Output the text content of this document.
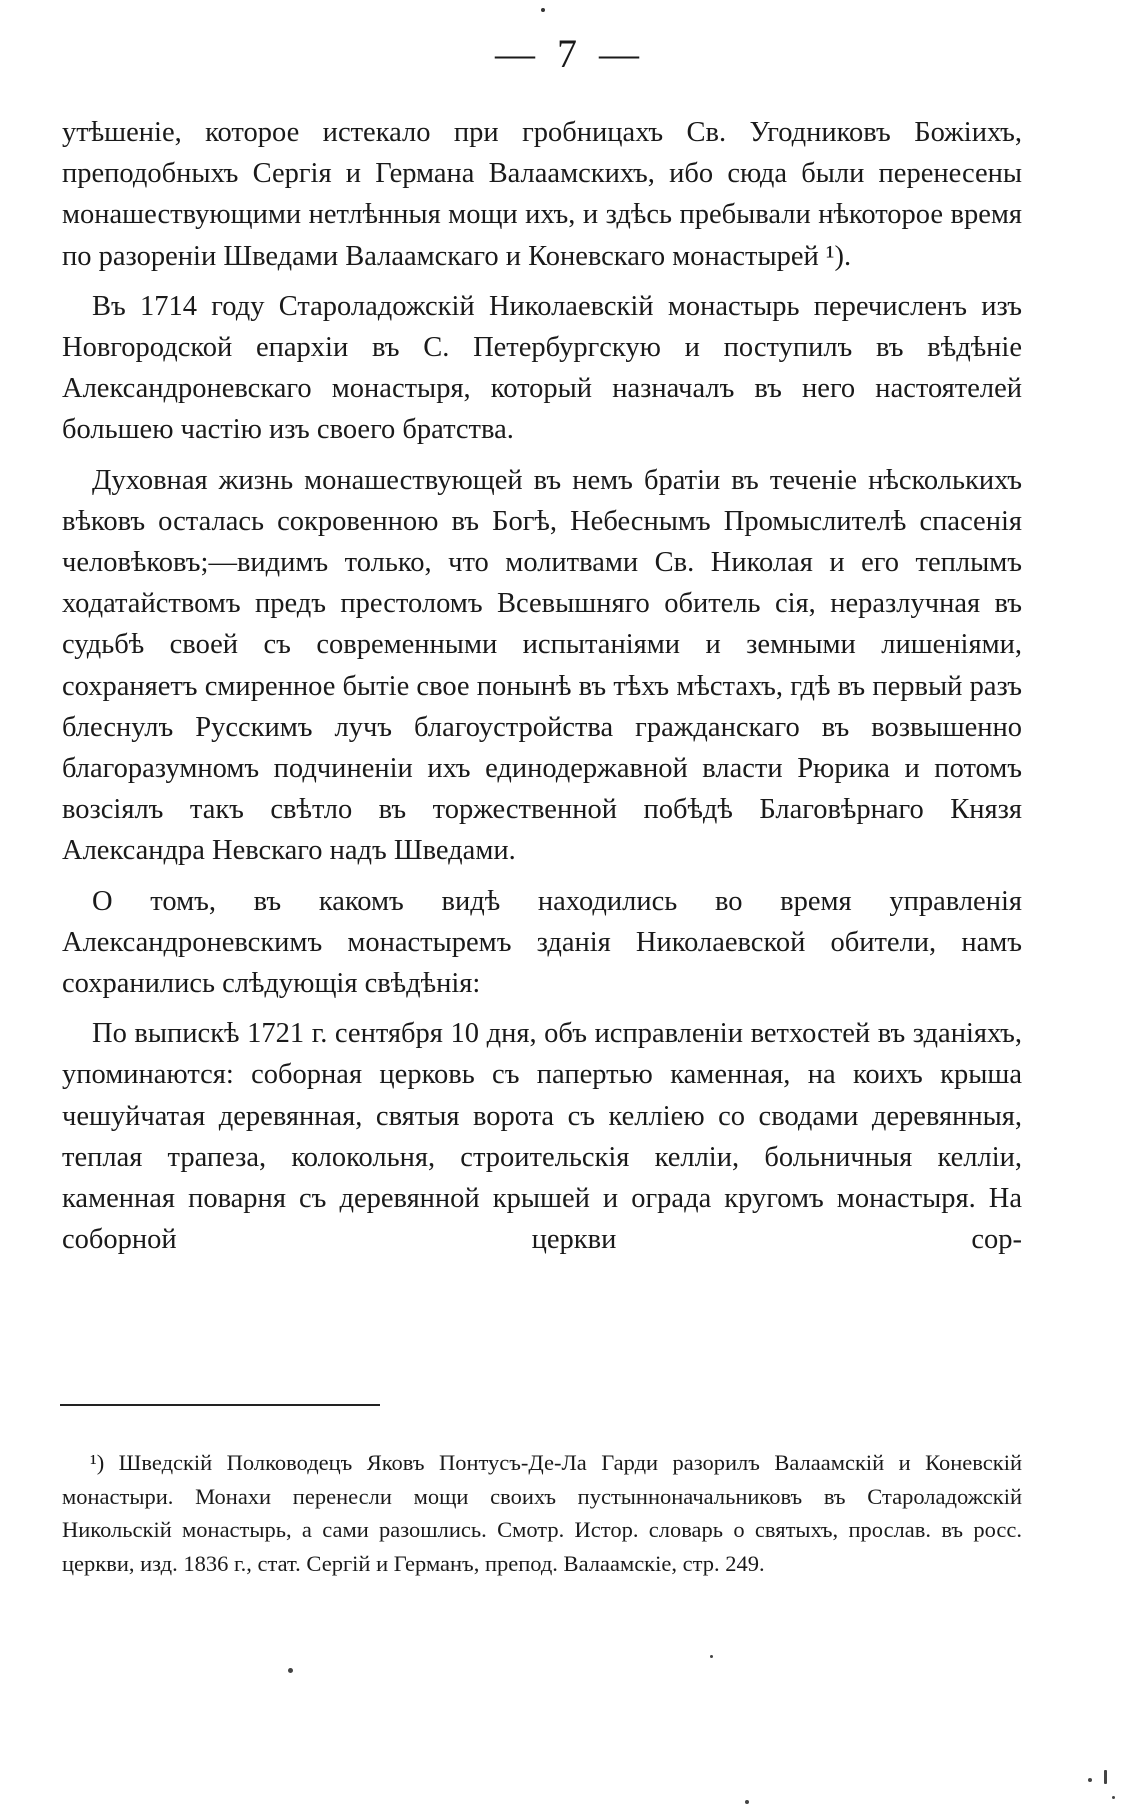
— 7 —

утѣшеніе, которое истекало при гробницахъ Св. Угодниковъ Божіихъ, преподобныхъ Сергія и Германа Валаамскихъ, ибо сюда были перенесены монашествующими нетлѣнныя мощи ихъ, и здѣсь пребывали нѣкоторое время по разореніи Шведами Валаамскаго и Коневскаго монастырей ¹).

Въ 1714 году Староладожскій Николаевскій монастырь перечисленъ изъ Новгородской епархіи въ С. Петербургскую и поступилъ въ вѣдѣніе Александроневскаго монастыря, который назначалъ въ него настоятелей большею частію изъ своего братства.

Духовная жизнь монашествующей въ немъ братіи въ теченіе нѣсколькихъ вѣковъ осталась сокровенною въ Богѣ, Небеснымъ Промыслителѣ спасенія человѣковъ;—видимъ только, что молитвами Св. Николая и его теплымъ ходатайствомъ предъ престоломъ Всевышняго обитель сія, неразлучная въ судьбѣ своей съ современными испытаніями и земными лишеніями, сохраняетъ смиренное бытіе свое понынѣ въ тѣхъ мѣстахъ, гдѣ въ первый разъ блеснулъ Русскимъ лучъ благоустройства гражданскаго въ возвышенно благоразумномъ подчиненіи ихъ единодержавной власти Рюрика и потомъ возсіялъ такъ свѣтло въ торжественной побѣдѣ Благовѣрнаго Князя Александра Невскаго надъ Шведами.

О томъ, въ какомъ видѣ находились во время управленія Александроневскимъ монастыремъ зданія Николаевской обители, намъ сохранились слѣдующія свѣдѣнія:

По выпискѣ 1721 г. сентября 10 дня, объ исправленіи ветхостей въ зданіяхъ, упоминаются: соборная церковь съ папертью каменная, на коихъ крыша чешуйчатая деревянная, святыя ворота съ келліею со сводами деревянныя, теплая трапеза, колокольня, строительскія келліи, больничныя келліи, каменная поварня съ деревянной крышей и ограда кругомъ монастыря. На соборной церкви сор-

¹) Шведскій Полководецъ Яковъ Понтусъ-Де-Ла Гарди разорилъ Валаамскій и Коневскій монастыри. Монахи перенесли мощи своихъ пустынноначальниковъ въ Староладожскій Никольскій монастырь, а сами разошлись. Смотр. Истор. словарь о святыхъ, прослав. въ росс. церкви, изд. 1836 г., стат. Сергій и Германъ, препод. Валаамскіе, стр. 249.
